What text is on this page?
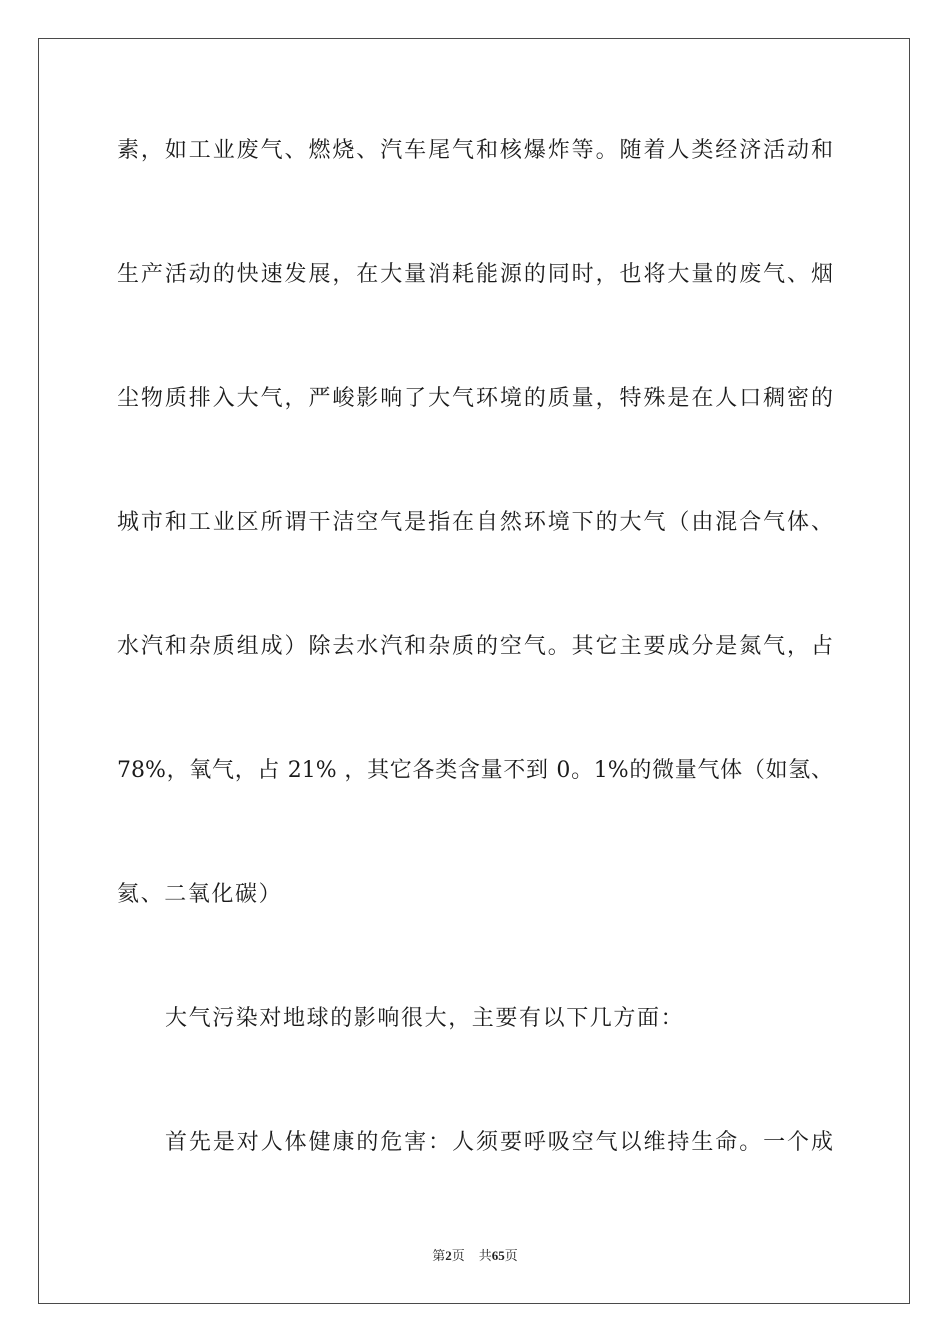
素，如工业废气、燃烧、汽车尾气和核爆炸等。随着人类经济活动和

生产活动的快速发展，在大量消耗能源的同时，也将大量的废气、烟

尘物质排入大气，严峻影响了大气环境的质量，特殊是在人口稠密的

城市和工业区所谓干洁空气是指在自然环境下的大气（由混合气体、

水汽和杂质组成）除去水汽和杂质的空气。其它主要成分是氮气，占

78%，氧气，占 21% ，其它各类含量不到 0。1%的微量气体（如氢、

氦、二氧化碳）

大气污染对地球的影响很大，主要有以下几方面：

首先是对人体健康的危害：人须要呼吸空气以维持生命。一个成

第2页 共65页
